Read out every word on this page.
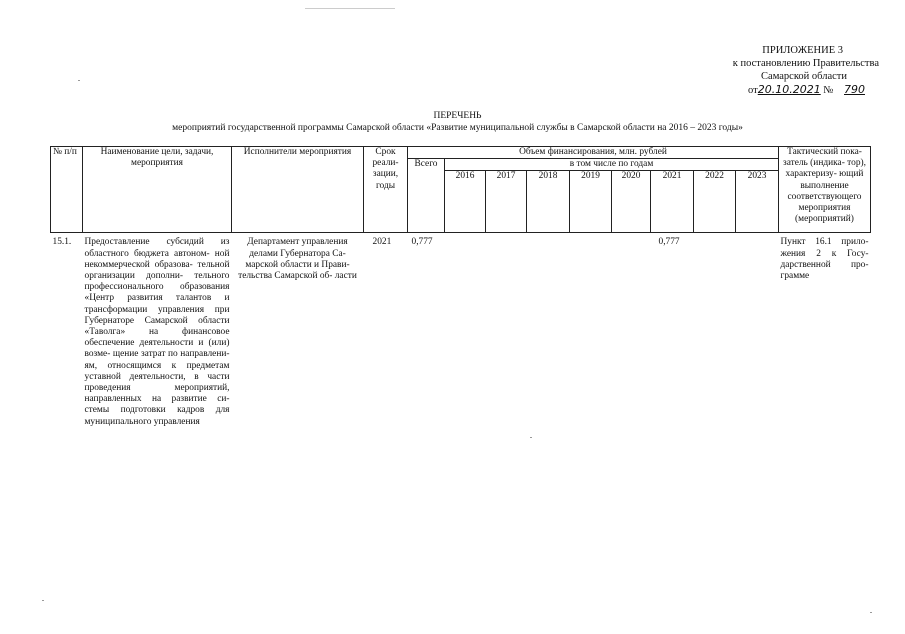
ПРИЛОЖЕНИЕ 3
к постановлению Правительства
Самарской области
от20.10.2021 № 790
ПЕРЕЧЕНЬ
мероприятий государственной программы Самарской области «Развитие муниципальной службы в Самарской области на 2016 – 2023 годы»
№ п/п	Наименование цели, задачи, мероприятия	Исполнители мероприятия	Срок реали- зации, годы	Объем финансирования, млн. рублей									Тактический пока- затель (индика- тор), характеризу- ющий выполнение соответствующего мероприятия (мероприятий)
				Всего	в том числе по годам								
					2016	2017	2018	2019	2020	2021	2022	2023	
15.1.	Предоставление субсидий из областного бюджета автоном- ной некоммерческой образова- тельной организации дополни- тельного профессионального образования «Центр развития талантов и трансформации управления при Губернаторе Самарской области «Таволга» на финансовое обеспечение деятельности и (или) возме- щение затрат по направлени- ям, относящимся к предметам уставной деятельности, в части проведения мероприятий, направленных на развитие си- стемы подготовки кадров для муниципального управления	Департамент управления делами Губернатора Са- марской области и Прави- тельства Самарской об- ласти	2021	0,777						0,777			Пункт 16.1 прило- жения 2 к Госу- дарственной про- грамме
